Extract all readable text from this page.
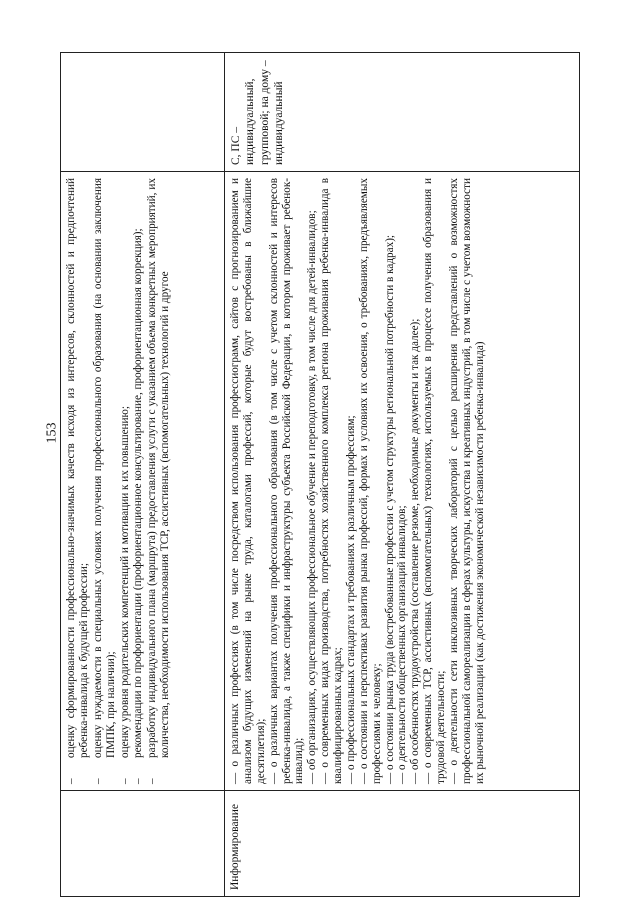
153
–
оценку сформированности профессионально-значимых качеств исходя из интересов, склонностей и предпочтений ребенка-инвалида к будущей профессии;
–
оценку нуждаемости в специальных условиях получения профессионального образования (на основании заключения ПМПК, при наличии);
–
оценку уровня родительских компетенций и мотивации к их повышению;
–
рекомендации по профориентации (профориентационное консультирование, профориентационная коррекция);
–
разработку индивидуального плана (маршрута) предоставления услуги с указанием объема конкретных мероприятий, их количества, необходимости использования ТСР, ассистивных (вспомогательных) технологий и другое
Информирование

— о различных профессиях (в том числе посредством использования профессиограмм, сайтов с прогнозированием и анализом будущих изменений на рынке труда, каталогами профессий, которые будут востребованы в ближайшие десятилетия); — о различных вариантах получения профессионального образования (в том числе с учетом склонностей и интересов ребенка-инвалида, а также специфики и инфраструктуры субъекта Российской Федерации, в котором проживает ребенок-инвалид); — об организациях, осуществляющих профессиональное обучение и переподготовку, в том числе для детей-инвалидов; — о современных видах производства, потребностях хозяйственного комплекса региона проживания ребенка-инвалида в квалифицированных кадрах; — о профессиональных стандартах и требованиях к различным профессиям; — о состоянии и перспективах развития рынка профессий, формах и условиях их освоения, о требованиях, предъявляемых профессиями к человеку; — о состоянии рынка труда (востребованные профессии с учетом структуры региональной потребности в кадрах); — о деятельности общественных организаций инвалидов; — об особенностях трудоустройства (составление резюме, необходимые документы и так далее); — о современных ТСР, ассистивных (вспомогательных) технологиях, используемых в процессе получения образования и трудовой деятельности; — о деятельности сети инклюзивных творческих лабораторий с целью расширения представлений о возможностях профессиональной самореализации в сферах культуры, искусства и креативных индустрий, в том числе с учетом возможности их рыночной реализации (как достижения экономической независимости ребенка-инвалида)

С, ПС – индивидуальный, групповой; на дому – индивидуальный
